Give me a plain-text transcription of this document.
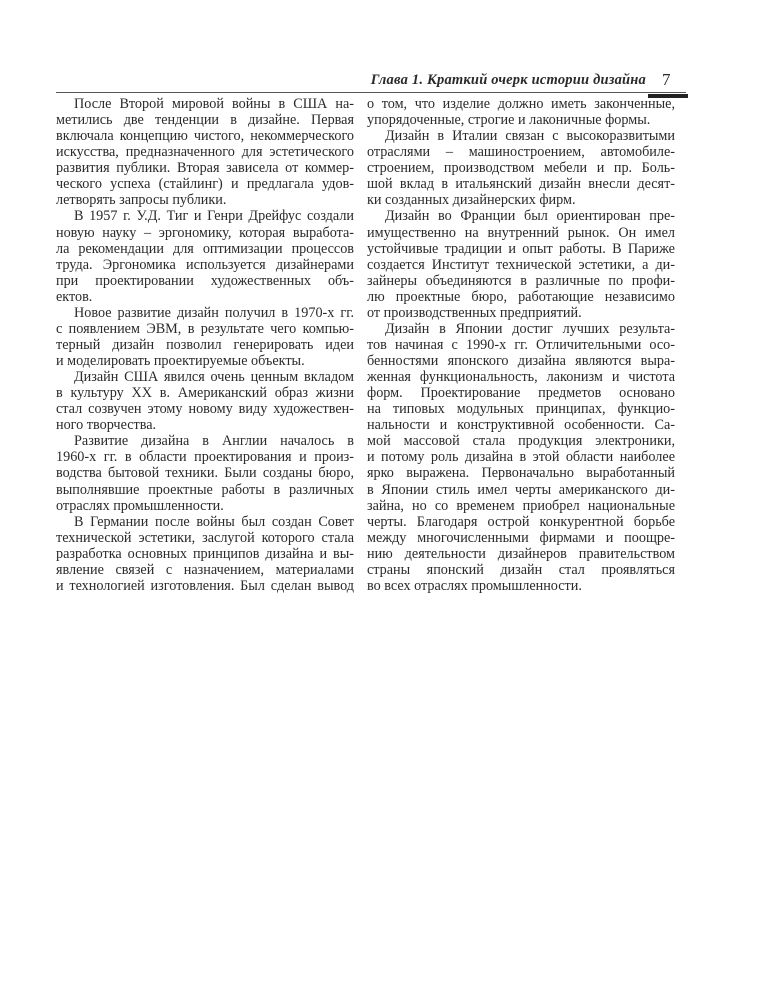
Глава 1. Краткий очерк истории дизайна 7
После Второй мировой войны в США на-
метились две тенденции в дизайне. Первая
включала концепцию чистого, некоммерческого
искусства, предназначенного для эстетического
развития публики. Вторая зависела от коммер-
ческого успеха (стайлинг) и предлагала удов-
летворять запросы публики.
В 1957 г. У.Д. Тиг и Генри Дрейфус создали
новую науку – эргономику, которая выработа-
ла рекомендации для оптимизации процессов
труда. Эргономика используется дизайнерами
при проектировании художественных объ-
ектов.
Новое развитие дизайн получил в 1970-х гг.
с появлением ЭВМ, в результате чего компью-
терный дизайн позволил генерировать идеи
и моделировать проектируемые объекты.
Дизайн США явился очень ценным вкладом
в культуру XX в. Американский образ жизни
стал созвучен этому новому виду художествен-
ного творчества.
Развитие дизайна в Англии началось в
1960-х гг. в области проектирования и произ-
водства бытовой техники. Были созданы бюро,
выполнявшие проектные работы в различных
отраслях промышленности.
В Германии после войны был создан Совет
технической эстетики, заслугой которого стала
разработка основных принципов дизайна и вы-
явление связей с назначением, материалами
и технологией изготовления. Был сделан вывод
о том, что изделие должно иметь законченные,
упорядоченные, строгие и лаконичные формы.
Дизайн в Италии связан с высокоразвитыми
отраслями – машиностроением, автомобиле-
строением, производством мебели и пр. Боль-
шой вклад в итальянский дизайн внесли десят-
ки созданных дизайнерских фирм.
Дизайн во Франции был ориентирован пре-
имущественно на внутренний рынок. Он имел
устойчивые традиции и опыт работы. В Париже
создается Институт технической эстетики, а ди-
зайнеры объединяются в различные по профи-
лю проектные бюро, работающие независимо
от производственных предприятий.
Дизайн в Японии достиг лучших результа-
тов начиная с 1990-х гг. Отличительными осо-
бенностями японского дизайна являются выра-
женная функциональность, лаконизм и чистота
форм. Проектирование предметов основано
на типовых модульных принципах, функцио-
нальности и конструктивной особенности. Са-
мой массовой стала продукция электроники,
и потому роль дизайна в этой области наиболее
ярко выражена. Первоначально выработанный
в Японии стиль имел черты американского ди-
зайна, но со временем приобрел национальные
черты. Благодаря острой конкурентной борьбе
между многочисленными фирмами и поощре-
нию деятельности дизайнеров правительством
страны японский дизайн стал проявляться
во всех отраслях промышленности.
